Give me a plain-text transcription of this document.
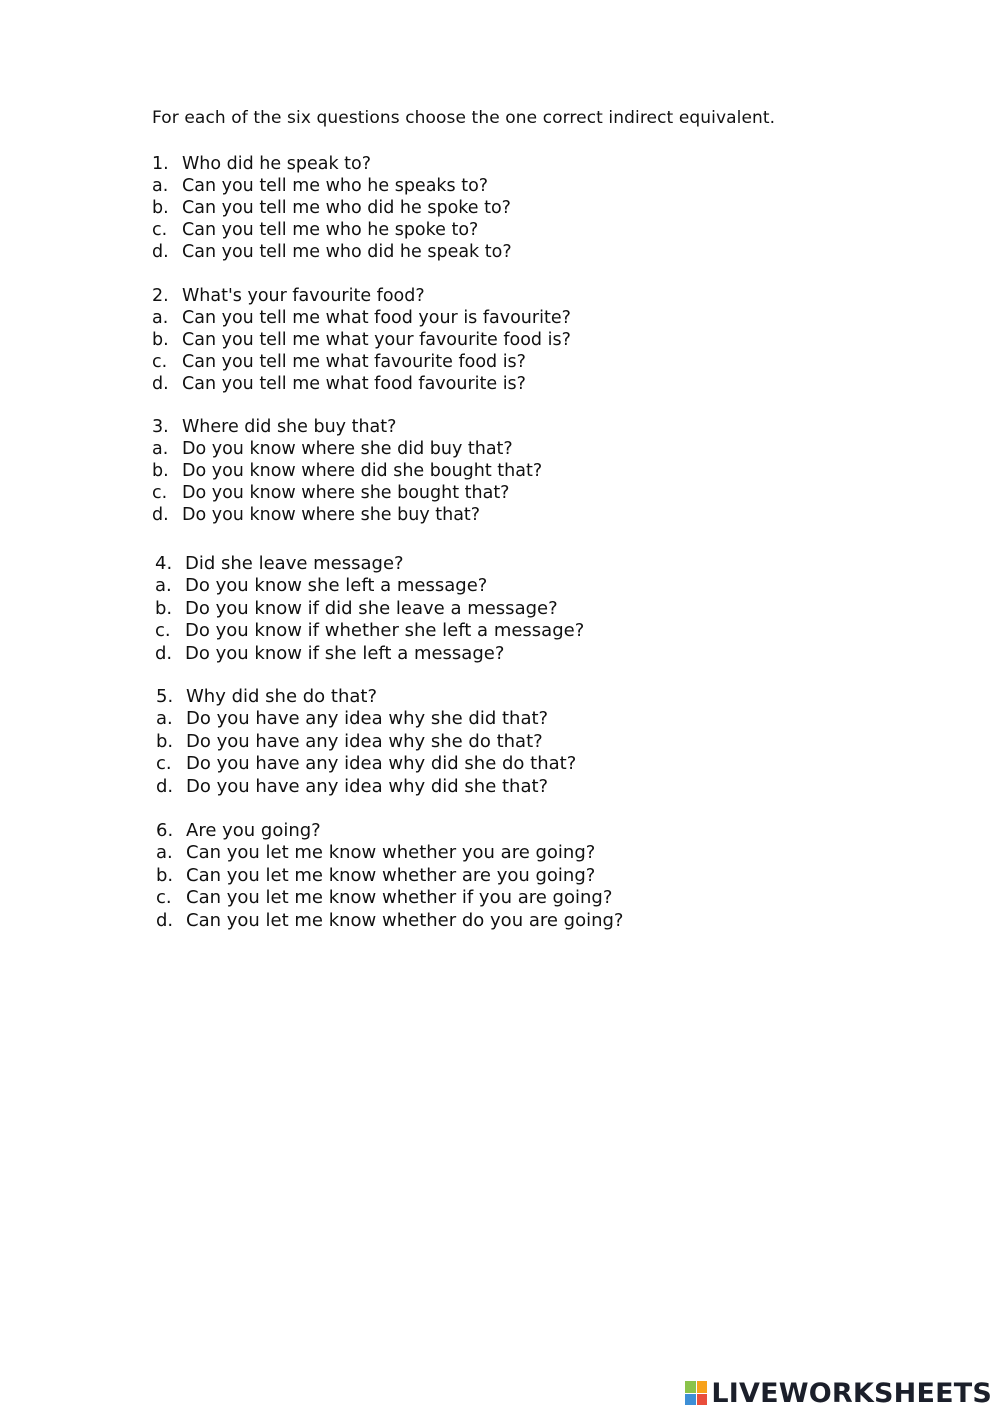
For each of the six questions choose the one correct indirect equivalent.
1. Who did he speak to?
a. Can you tell me who he speaks to?
b. Can you tell me who did he spoke to?
c. Can you tell me who he spoke to?
d. Can you tell me who did he speak to?
2. What's your favourite food?
a. Can you tell me what food your is favourite?
b. Can you tell me what your favourite food is?
c. Can you tell me what favourite food is?
d. Can you tell me what food favourite is?
3. Where did she buy that?
a. Do you know where she did buy that?
b. Do you know where did she bought that?
c. Do you know where she bought that?
d. Do you know where she buy that?
4. Did she leave message?
a. Do you know she left a message?
b. Do you know if did she leave a message?
c. Do you know if whether she left a message?
d. Do you know if she left a message?
5. Why did she do that?
a. Do you have any idea why she did that?
b. Do you have any idea why she do that?
c. Do you have any idea why did she do that?
d. Do you have any idea why did she that?
6. Are you going?
a. Can you let me know whether you are going?
b. Can you let me know whether are you going?
c. Can you let me know whether if you are going?
d. Can you let me know whether do you are going?
LIVEWORKSHEETS
